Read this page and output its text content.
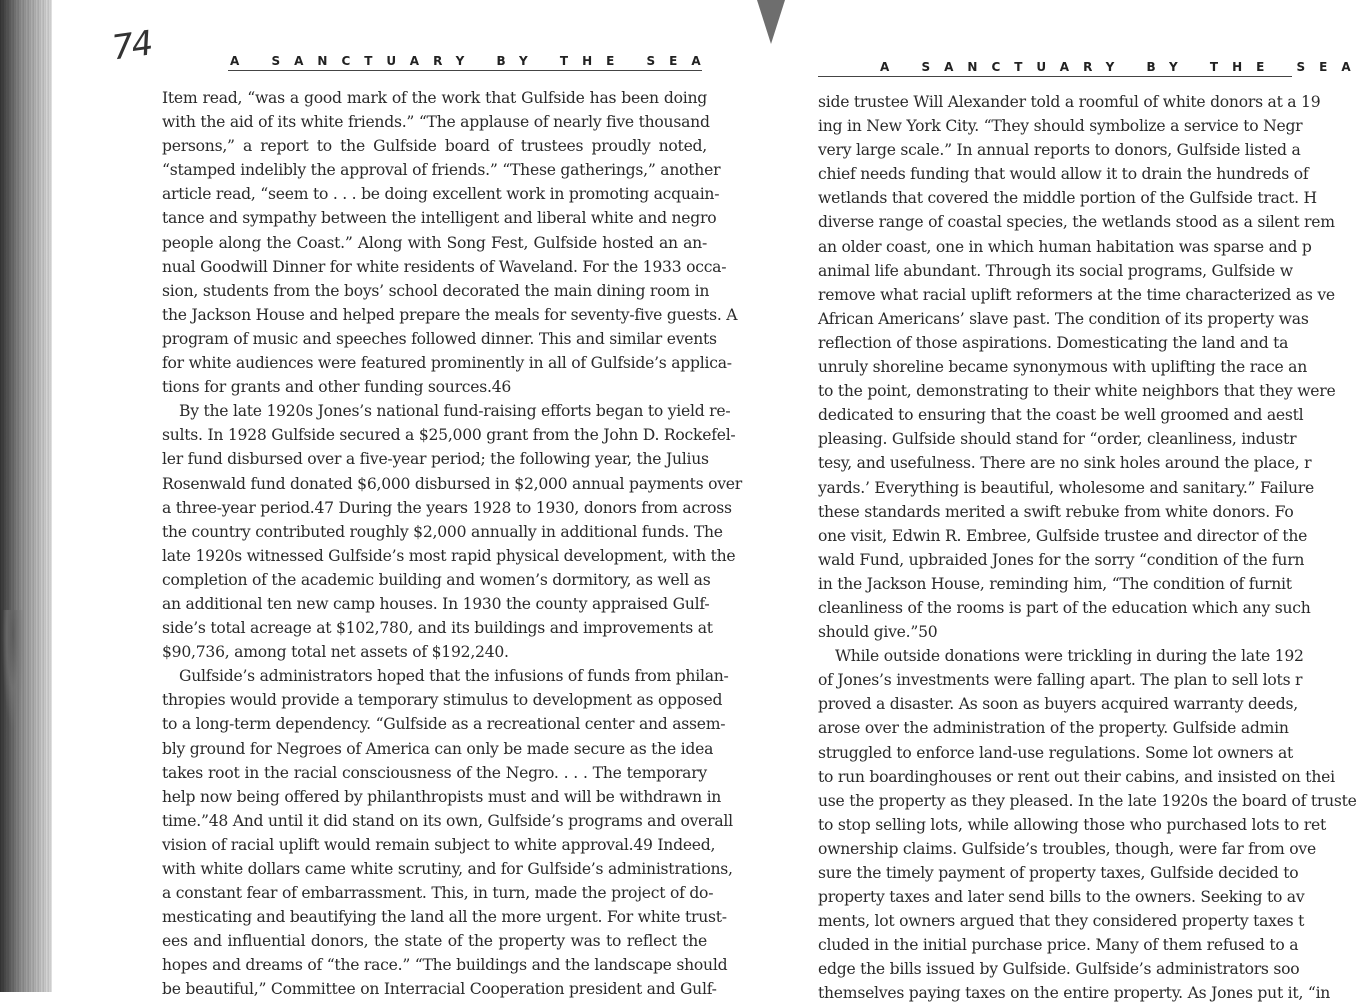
74	A SANCTUARY BY THE SEA	A SANCTUARY BY THE SEA
Item read, “was a good mark of the work that Gulfside has been doing
with the aid of its white friends.” “The applause of nearly five thousand
persons,” a report to the Gulfside board of trustees proudly noted,
“stamped indelibly the approval of friends.” “These gatherings,” another
article read, “seem to . . . be doing excellent work in promoting acquain-
tance and sympathy between the intelligent and liberal white and negro
people along the Coast.” Along with Song Fest, Gulfside hosted an an-
nual Goodwill Dinner for white residents of Waveland. For the 1933 occa-
sion, students from the boys’ school decorated the main dining room in
the Jackson House and helped prepare the meals for seventy-five guests. A
program of music and speeches followed dinner. This and similar events
for white audiences were featured prominently in all of Gulfside’s applica-
tions for grants and other funding sources.46
By the late 1920s Jones’s national fund-raising efforts began to yield re-
sults. In 1928 Gulfside secured a $25,000 grant from the John D. Rockefel-
ler fund disbursed over a five-year period; the following year, the Julius
Rosenwald fund donated $6,000 disbursed in $2,000 annual payments over
a three-year period.47 During the years 1928 to 1930, donors from across
the country contributed roughly $2,000 annually in additional funds. The
late 1920s witnessed Gulfside’s most rapid physical development, with the
completion of the academic building and women’s dormitory, as well as
an additional ten new camp houses. In 1930 the county appraised Gulf-
side’s total acreage at $102,780, and its buildings and improvements at
$90,736, among total net assets of $192,240.
Gulfside’s administrators hoped that the infusions of funds from philan-
thropies would provide a temporary stimulus to development as opposed
to a long-term dependency. “Gulfside as a recreational center and assem-
bly ground for Negroes of America can only be made secure as the idea
takes root in the racial consciousness of the Negro. . . . The temporary
help now being offered by philanthropists must and will be withdrawn in
time.”48 And until it did stand on its own, Gulfside’s programs and overall
vision of racial uplift would remain subject to white approval.49 Indeed,
with white dollars came white scrutiny, and for Gulfside’s administrations,
a constant fear of embarrassment. This, in turn, made the project of do-
mesticating and beautifying the land all the more urgent. For white trust-
ees and influential donors, the state of the property was to reflect the
hopes and dreams of “the race.” “The buildings and the landscape should
be beautiful,” Committee on Interracial Cooperation president and Gulf-
side trustee Will Alexander told a roomful of white donors at a 19
ing in New York City. “They should symbolize a service to Negr
very large scale.” In annual reports to donors, Gulfside listed a
chief needs funding that would allow it to drain the hundreds of
wetlands that covered the middle portion of the Gulfside tract. H
diverse range of coastal species, the wetlands stood as a silent rem
an older coast, one in which human habitation was sparse and p
animal life abundant. Through its social programs, Gulfside w
remove what racial uplift reformers at the time characterized as ve
African Americans’ slave past. The condition of its property was
reflection of those aspirations. Domesticating the land and ta
unruly shoreline became synonymous with uplifting the race an
to the point, demonstrating to their white neighbors that they were
dedicated to ensuring that the coast be well groomed and aestl
pleasing. Gulfside should stand for “order, cleanliness, industr
tesy, and usefulness. There are no sink holes around the place, r
yards.’ Everything is beautiful, wholesome and sanitary.” Failure
these standards merited a swift rebuke from white donors. Fo
one visit, Edwin R. Embree, Gulfside trustee and director of the
wald Fund, upbraided Jones for the sorry “condition of the furn
in the Jackson House, reminding him, “The condition of furnit
cleanliness of the rooms is part of the education which any such
should give.”50
While outside donations were trickling in during the late 192
of Jones’s investments were falling apart. The plan to sell lots r
proved a disaster. As soon as buyers acquired warranty deeds,
arose over the administration of the property. Gulfside admin
struggled to enforce land-use regulations. Some lot owners at
to run boardinghouses or rent out their cabins, and insisted on thei
use the property as they pleased. In the late 1920s the board of truste
to stop selling lots, while allowing those who purchased lots to ret
ownership claims. Gulfside’s troubles, though, were far from ove
sure the timely payment of property taxes, Gulfside decided to
property taxes and later send bills to the owners. Seeking to av
ments, lot owners argued that they considered property taxes t
cluded in the initial purchase price. Many of them refused to a
edge the bills issued by Gulfside. Gulfside’s administrators soo
themselves paying taxes on the entire property. As Jones put it, “in
